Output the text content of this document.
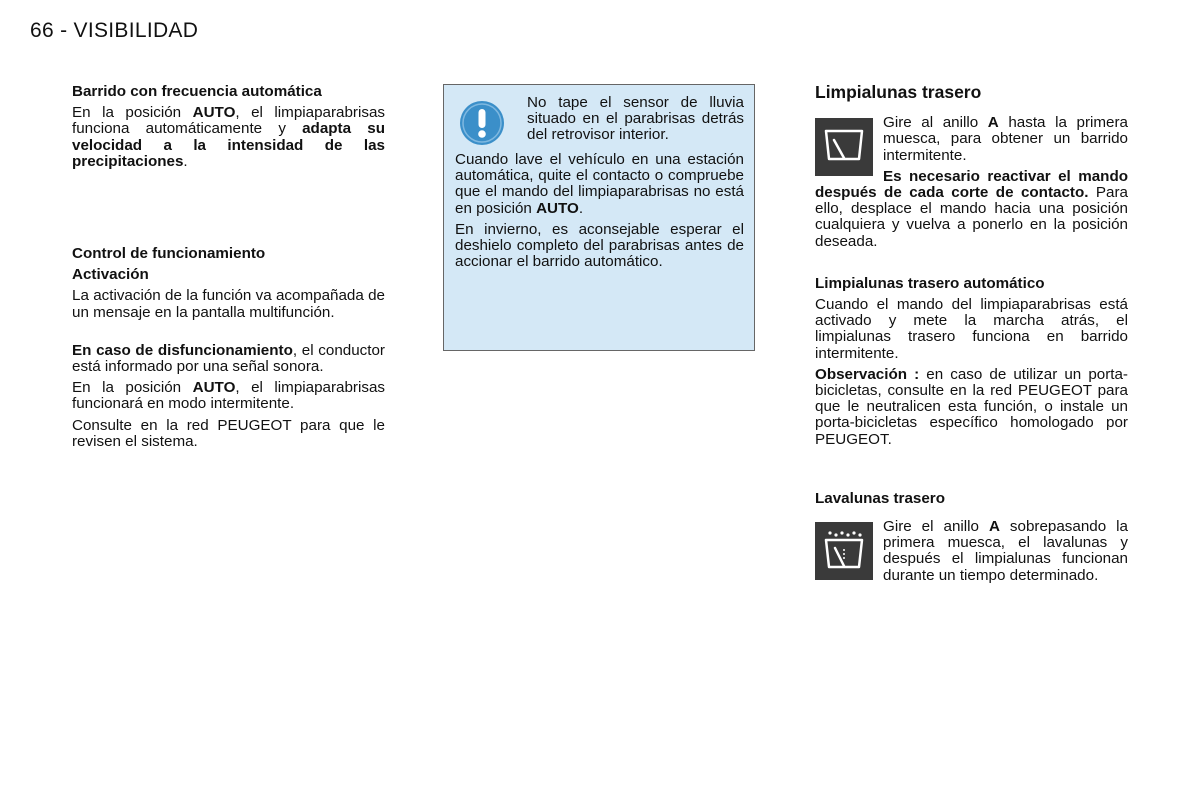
66 - VISIBILIDAD

Barrido con frecuencia automática

En la posición AUTO, el limpiaparabrisas funciona automáticamente y adapta su velocidad a la intensidad de las precipitaciones.

Control de funcionamiento

Activación

La activación de la función va acompañada de un mensaje en la pantalla multifunción.

En caso de disfuncionamiento, el conductor está informado por una señal sonora.

En la posición AUTO, el limpiaparabrisas funcionará en modo intermitente.

Consulte en la red PEUGEOT para que le revisen el sistema.

No tape el sensor de lluvia situado en el parabrisas detrás del retrovisor interior.

Cuando lave el vehículo en una estación automática, quite el contacto o compruebe que el mando del limpiaparabrisas no está en posición AUTO.

En invierno, es aconsejable esperar el deshielo completo del parabrisas antes de accionar el barrido automático.

Limpialunas trasero

Gire al anillo A hasta la primera muesca, para obtener un barrido intermitente.

Es necesario reactivar el mando después de cada corte de contacto. Para ello, desplace el mando hacia una posición cualquiera y vuelva a ponerlo en la posición deseada.

Limpialunas trasero automático

Cuando el mando del limpiaparabrisas está activado y mete la marcha atrás, el limpialunas trasero funciona en barrido intermitente.

Observación : en caso de utilizar un porta-bicicletas, consulte en la red PEUGEOT para que le neutralicen esta función, o instale un porta-bicicletas específico homologado por PEUGEOT.

Lavalunas trasero

Gire el anillo A sobrepasando la primera muesca, el lavalunas y después el limpialunas funcionan durante un tiempo determinado.
